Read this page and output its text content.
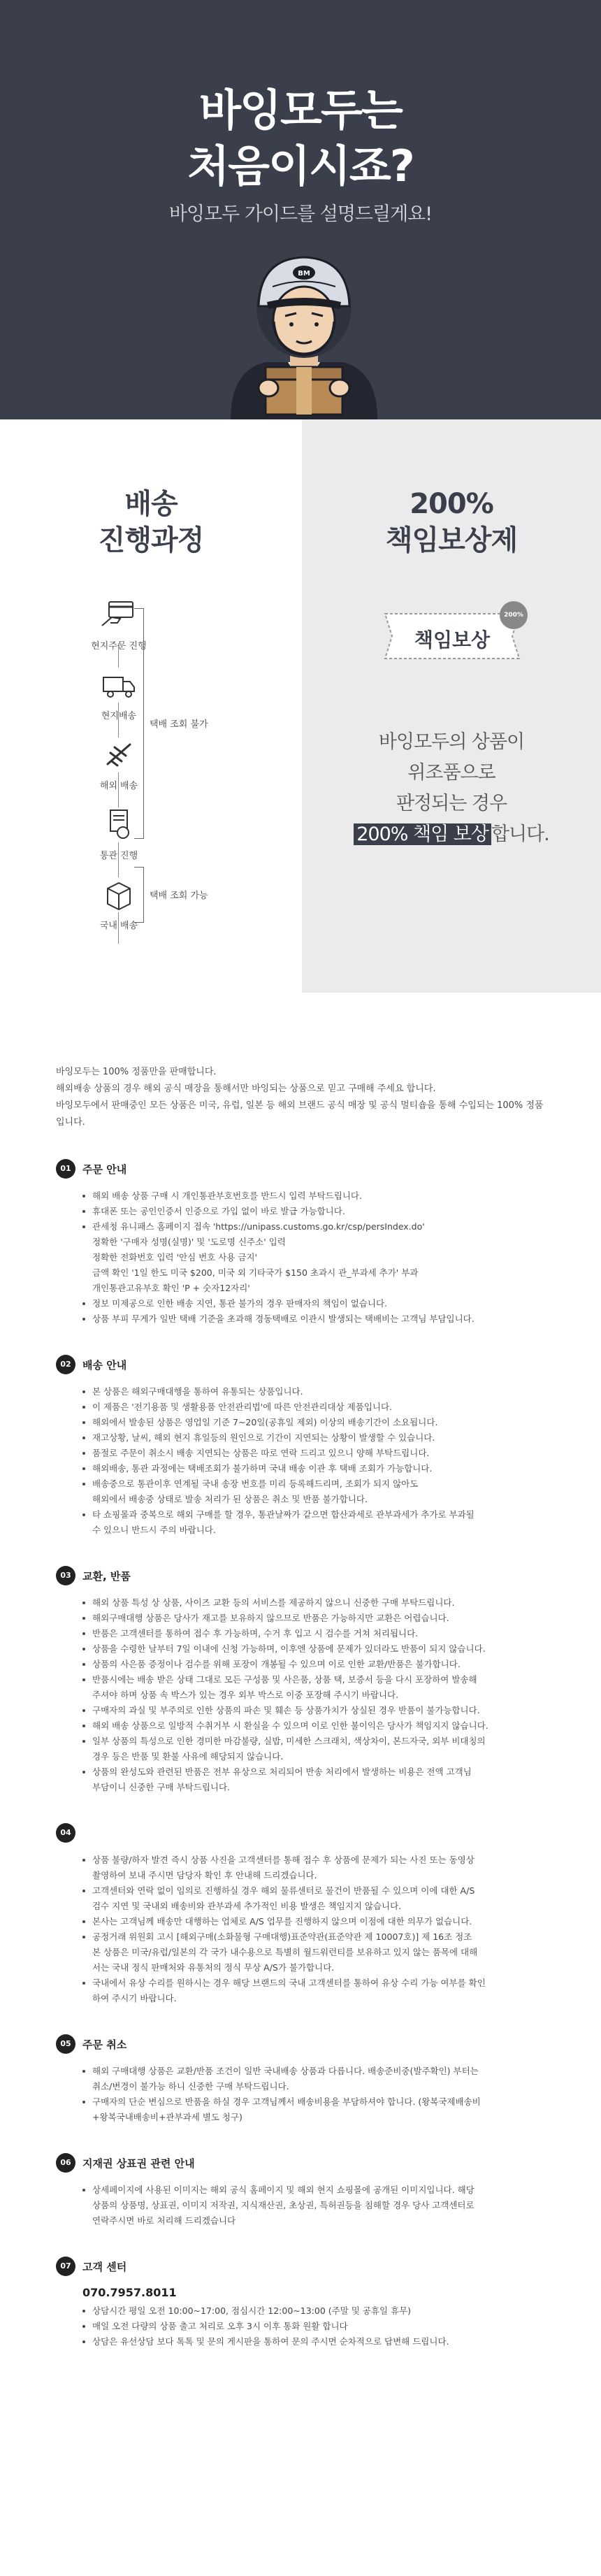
바잉모두는
처음이시죠?
바잉모두 가이드를 설명드릴게요!
BM
배송
진행과정
현지주문 진행
현지배송
해외 배송
통관 진행
국내 배송
택배 조회 불가
택배 조회 가능
200%
책임보상제
책임보상
200%
바잉모두의 상품이
위조품으로
판정되는 경우
200% 책임 보상 합니다.
바잉모두는 100% 정품만을 판매합니다.
해외배송 상품의 경우 해외 공식 매장을 통해서만 바잉되는 상품으로 믿고 구매해 주세요 합니다.
바잉모두에서 판매중인 모든 상품은 미국, 유럽, 일본 등 해외 브랜드 공식 매장 및 공식 멀티숍을 통해 수입되는 100% 정품입니다.
01	주문 안내
해외 배송 상품 구매 시 개인통관부호번호를 반드시 입력 부탁드립니다.
휴대폰 또는 공인인증서 인증으로 가입 없이 바로 발급 가능합니다.
관세청 유니패스 홈페이지 접속 'https://unipass.customs.go.kr/csp/persIndex.do'
정확한 '구매자 성명(실명)' 및 '도로명 신주소' 입력
정확한 전화번호 입력 '안심 번호 사용 금지'
금액 확인 '1일 한도 미국 $200, 미국 외 기타국가 $150 초과시 관_부과세 추가' 부과
개인통관고유부호 확인 'P + 숫자12자리'
정보 미제공으로 인한 배송 지연, 통관 불가의 경우 판매자의 책임이 없습니다.
상품 부피 무게가 일반 택배 기준을 초과해 경동택배로 이관시 발생되는 택배비는 고객님 부담입니다.
02	배송 안내
본 상품은 해외구매대행을 통하여 유통되는 상품입니다.
이 제품은 '전기용품 및 생활용품 안전관리법'에 따른 안전관리대상 제품입니다.
해외에서 발송된 상품은 영업일 기준 7~20일(공휴일 제외) 이상의 배송기간이 소요됩니다.
재고상황, 날씨, 해외 현지 휴일등의 원인으로 기간이 지연되는 상황이 발생할 수 있습니다.
품절로 주문이 취소시 배송 지연되는 상품은 따로 연락 드리고 있으니 양해 부탁드립니다.
해외배송, 통관 과정에는 택배조회가 불가하며 국내 배송 이관 후 택배 조회가 가능합니다.
배송중으로 통관이후 연계될 국내 송장 번호를 미리 등록해드리며, 조회가 되지 않아도
해외에서 배송중 상태로 발송 처리가 된 상품은 취소 및 반품 불가합니다.
타 쇼핑몰과 중복으로 해외 구매를 할 경우, 통관날짜가 같으면 합산과세로 관부과세가 추가로 부과될
수 있으니 반드시 주의 바랍니다.
03	교환, 반품
해외 상품 특성 상 상품, 사이즈 교환 등의 서비스를 제공하지 않으니 신중한 구매 부탁드립니다.
해외구매대행 상품은 당사가 재고를 보유하지 않으므로 반품은 가능하지만 교환은 어렵습니다.
반품은 고객센터를 통하여 접수 후 가능하며, 수거 후 입고 시 검수를 거쳐 처리됩니다.
상품을 수령한 날부터 7일 이내에 신청 가능하며, 이후엔 상품에 문제가 있더라도 반품이 되지 않습니다.
상품의 사은품 증정이나 검수를 위해 포장이 개봉될 수 있으며 이로 인한 교환/반품은 불가합니다.
반품시에는 배송 받은 상태 그대로 모든 구성품 및 사은품, 상품 택, 보증서 등을 다시 포장하여 발송해
주셔야 하며 상품 속 박스가 있는 경우 외부 박스로 이중 포장해 주시기 바랍니다.
구매자의 과실 및 부주의로 인한 상품의 파손 및 훼손 등 상품가치가 상실된 경우 반품이 불가능합니다.
해외 배송 상품으로 일방적 수취거부 시 환실을 수 있으며 이로 인한 불이익은 당사가 책임지지 않습니다.
일부 상품의 특성으로 인한 경미한 마감불량, 실밥, 미세한 스크래치, 색상차이, 본드자국, 외부 비대칭의
경우 등은 반품 및 환불 사유에 해당되지 않습니다.
상품의 완성도와 관련된 반품은 전부 유상으로 처리되어 반송 처리에서 발생하는 비용은 전액 고객님
부담이니 신중한 구매 부탁드립니다.
04
상품 불량/하자 발견 즉시 상품 사진을 고객센터를 통해 접수 후 상품에 문제가 되는 사진 또는 동영상
촬영하여 보내 주시면 담당자 확인 후 안내해 드리겠습니다.
고객센터와 연락 없이 임의로 진행하실 경우 해외 물류센터로 물건이 반품될 수 있으며 이에 대한 A/S
검수 지연 및 국내외 배송비와 관부과세 추가적인 비용 발생은 책임지지 않습니다.
본사는 고객님께 배송만 대행하는 업체로 A/S 업무를 진행하지 않으며 이점에 대한 의무가 없습니다.
공정거래 위원회 고시 [해외구매(소화물형 구매대행)표준약관(표준약관 제 10007호)] 제 16조 정조
본 상품은 미국/유럽/일본의 각 국가 내수용으로 특별히 월드워런티를 보유하고 있지 않는 품목에 대해
서는 국내 정식 판매처와 유통처의 정식 무상 A/S가 불가합니다.
국내에서 유상 수리를 원하시는 경우 해당 브랜드의 국내 고객센터를 통하여 유상 수리 가능 여부를 확인
하여 주시기 바랍니다.
05	주문 취소
해외 구매대행 상품은 교환/반품 조건이 일반 국내배송 상품과 다릅니다. 배송준비중(발주확인) 부터는
취소/변경이 불가능 하니 신중한 구매 부탁드립니다.
구매자의 단순 변심으로 반품을 하실 경우 고객님께서 배송비용을 부담하셔야 합니다. (왕복국제배송비
+왕복국내배송비+관부과세 별도 청구)
06	지재권 상표권 관련 안내
상세페이지에 사용된 이미지는 해외 공식 홈페이지 및 해외 현지 쇼핑몰에 공개된 이미지입니다. 해당
상품의 상품명, 상표권, 이미지 저작권, 지식재산권, 초상권, 특허권등을 침해할 경우 당사 고객센터로
연락주시면 바로 처리해 드리겠습니다
07	고객 센터
070.7957.8011
상담시간 평일 오전 10:00~17:00, 점심시간 12:00~13:00 (주말 및 공휴일 휴무)
매일 오전 다량의 상품 출고 처리로 오후 3시 이후 통화 원활 합니다
상담은 유선상담 보다 톡톡 및 문의 게시판을 통하여 문의 주시면 순차적으로 답변해 드립니다.
